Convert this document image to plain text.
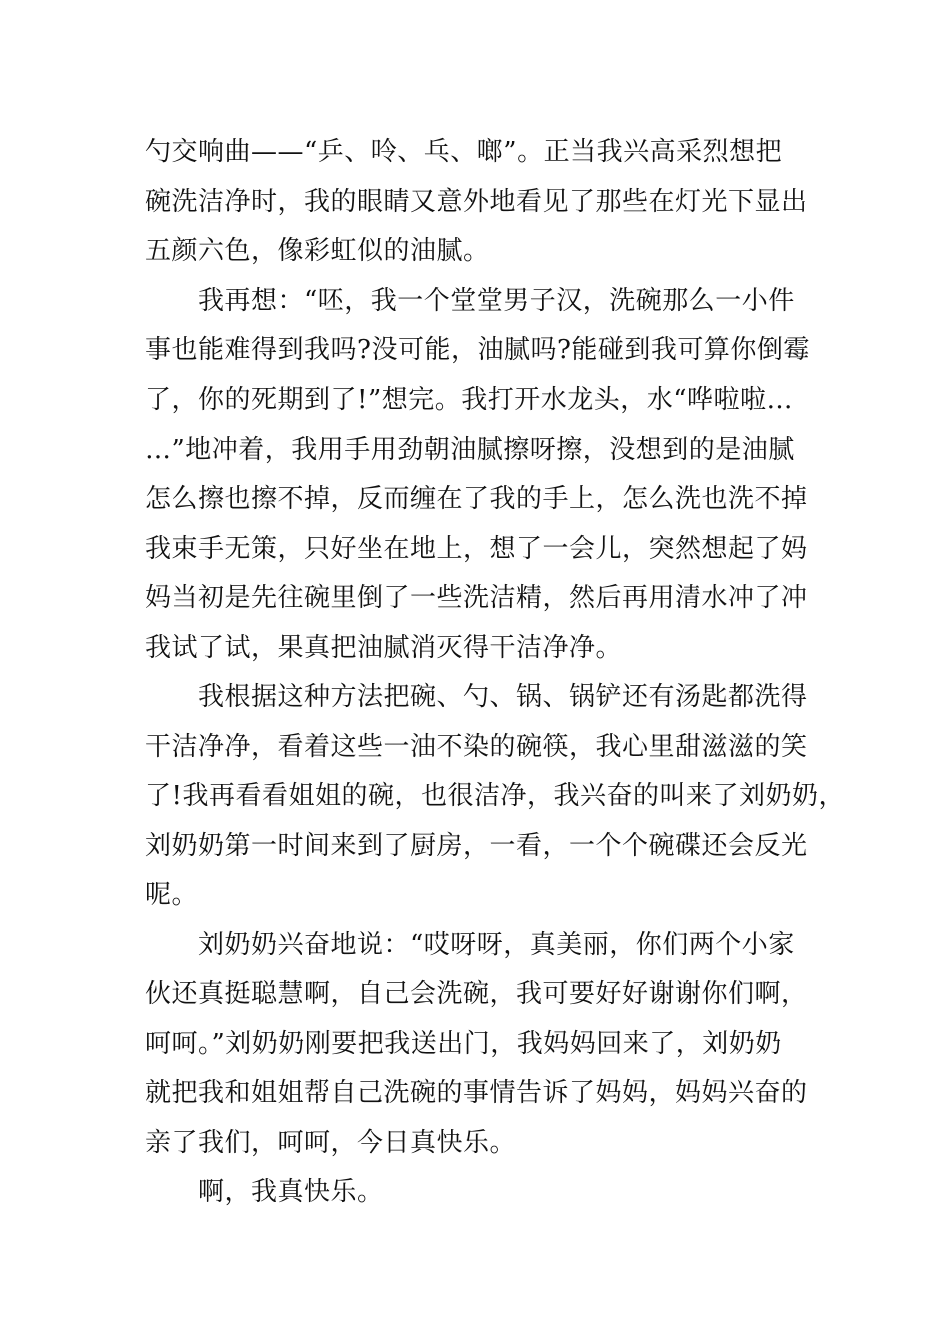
勺交响曲——“乒、呤、乓、啷”。正当我兴高采烈想把
碗洗洁净时，我的眼睛又意外地看见了那些在灯光下显出
五颜六色，像彩虹似的油腻。
我再想：“呸，我一个堂堂男子汉，洗碗那么一小件
事也能难得到我吗?没可能，油腻吗?能碰到我可算你倒霉
了，你的死期到了!”想完。我打开水龙头，水“哗啦啦…
…”地冲着，我用手用劲朝油腻擦呀擦，没想到的是油腻
怎么擦也擦不掉，反而缠在了我的手上，怎么洗也洗不掉
我束手无策，只好坐在地上，想了一会儿，突然想起了妈
妈当初是先往碗里倒了一些洗洁精，然后再用清水冲了冲
我试了试，果真把油腻消灭得干洁净净。
我根据这种方法把碗、勺、锅、锅铲还有汤匙都洗得
干洁净净，看着这些一油不染的碗筷，我心里甜滋滋的笑
了!我再看看姐姐的碗，也很洁净，我兴奋的叫来了刘奶奶，
刘奶奶第一时间来到了厨房，一看，一个个碗碟还会反光
呢。
刘奶奶兴奋地说：“哎呀呀，真美丽，你们两个小家
伙还真挺聪慧啊，自己会洗碗，我可要好好谢谢你们啊，
呵呵。”刘奶奶刚要把我送出门，我妈妈回来了，刘奶奶
就把我和姐姐帮自己洗碗的事情告诉了妈妈，妈妈兴奋的
亲了我们，呵呵，今日真快乐。
啊，我真快乐。
